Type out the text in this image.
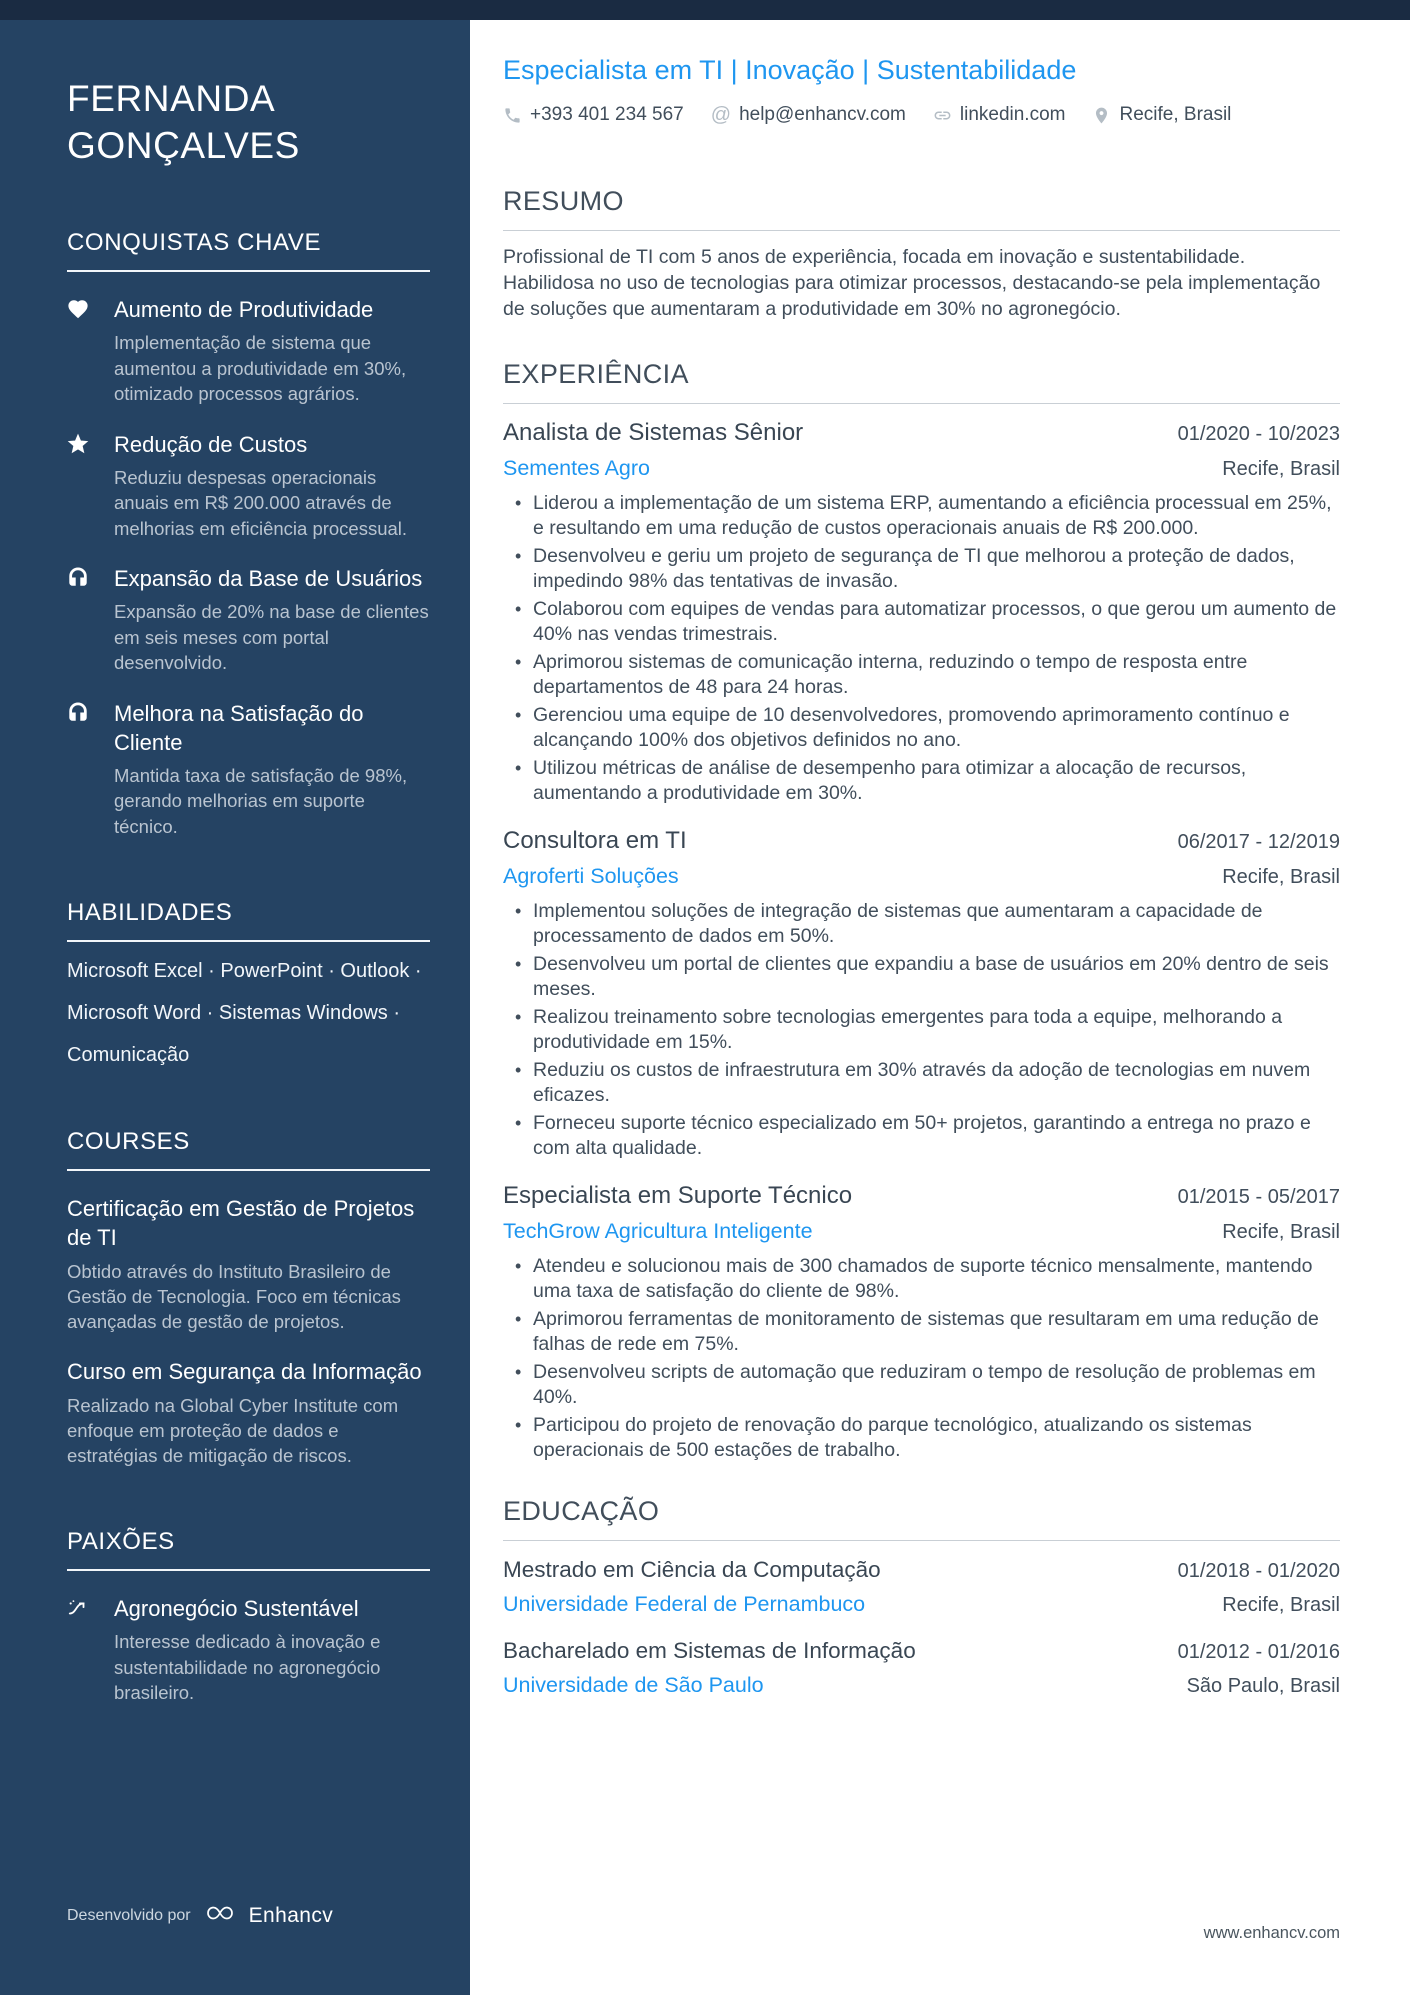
FERNANDA GONÇALVES
CONQUISTAS CHAVE
Aumento de Produtividade
Implementação de sistema que aumentou a produtividade em 30%, otimizado processos agrários.
Redução de Custos
Reduziu despesas operacionais anuais em R$ 200.000 através de melhorias em eficiência processual.
Expansão da Base de Usuários
Expansão de 20% na base de clientes em seis meses com portal desenvolvido.
Melhora na Satisfação do Cliente
Mantida taxa de satisfação de 98%, gerando melhorias em suporte técnico.
HABILIDADES
Microsoft Excel · PowerPoint · Outlook ·
Microsoft Word · Sistemas Windows ·
Comunicação
COURSES
Certificação em Gestão de Projetos de TI
Obtido através do Instituto Brasileiro de Gestão de Tecnologia. Foco em técnicas avançadas de gestão de projetos.
Curso em Segurança da Informação
Realizado na Global Cyber Institute com enfoque em proteção de dados e estratégias de mitigação de riscos.
PAIXÕES
Agronegócio Sustentável
Interesse dedicado à inovação e sustentabilidade no agronegócio brasileiro.
Desenvolvido por	Enhancv
Especialista em TI | Inovação | Sustentabilidade
+393 401 234 567 @ help@enhancv.com	linkedin.com	Recife, Brasil
RESUMO

Profissional de TI com 5 anos de experiência, focada em inovação e sustentabilidade. Habilidosa no uso de tecnologias para otimizar processos, destacando-se pela implementação de soluções que aumentaram a produtividade em 30% no agronegócio.

EXPERIÊNCIA
Analista de Sistemas Sênior	01/2020 - 10/2023
Sementes Agro	Recife, Brasil
• Liderou a implementação de um sistema ERP, aumentando a eficiência processual em 25%, e resultando em uma redução de custos operacionais anuais de R$ 200.000.
• Desenvolveu e geriu um projeto de segurança de TI que melhorou a proteção de dados, impedindo 98% das tentativas de invasão.
• Colaborou com equipes de vendas para automatizar processos, o que gerou um aumento de 40% nas vendas trimestrais.
• Aprimorou sistemas de comunicação interna, reduzindo o tempo de resposta entre departamentos de 48 para 24 horas.
• Gerenciou uma equipe de 10 desenvolvedores, promovendo aprimoramento contínuo e alcançando 100% dos objetivos definidos no ano.
• Utilizou métricas de análise de desempenho para otimizar a alocação de recursos, aumentando a produtividade em 30%.
Consultora em TI	06/2017 - 12/2019
Agroferti Soluções	Recife, Brasil
• Implementou soluções de integração de sistemas que aumentaram a capacidade de processamento de dados em 50%.
• Desenvolveu um portal de clientes que expandiu a base de usuários em 20% dentro de seis meses.
• Realizou treinamento sobre tecnologias emergentes para toda a equipe, melhorando a produtividade em 15%.
• Reduziu os custos de infraestrutura em 30% através da adoção de tecnologias em nuvem eficazes.
• Forneceu suporte técnico especializado em 50+ projetos, garantindo a entrega no prazo e com alta qualidade.
Especialista em Suporte Técnico	01/2015 - 05/2017
TechGrow Agricultura Inteligente	Recife, Brasil
• Atendeu e solucionou mais de 300 chamados de suporte técnico mensalmente, mantendo uma taxa de satisfação do cliente de 98%.
• Aprimorou ferramentas de monitoramento de sistemas que resultaram em uma redução de falhas de rede em 75%.
• Desenvolveu scripts de automação que reduziram o tempo de resolução de problemas em 40%.
• Participou do projeto de renovação do parque tecnológico, atualizando os sistemas operacionais de 500 estações de trabalho.
EDUCAÇÃO
Mestrado em Ciência da Computação	01/2018 - 01/2020
Universidade Federal de Pernambuco	Recife, Brasil
Bacharelado em Sistemas de Informação	01/2012 - 01/2016
Universidade de São Paulo	São Paulo, Brasil
www.enhancv.com
